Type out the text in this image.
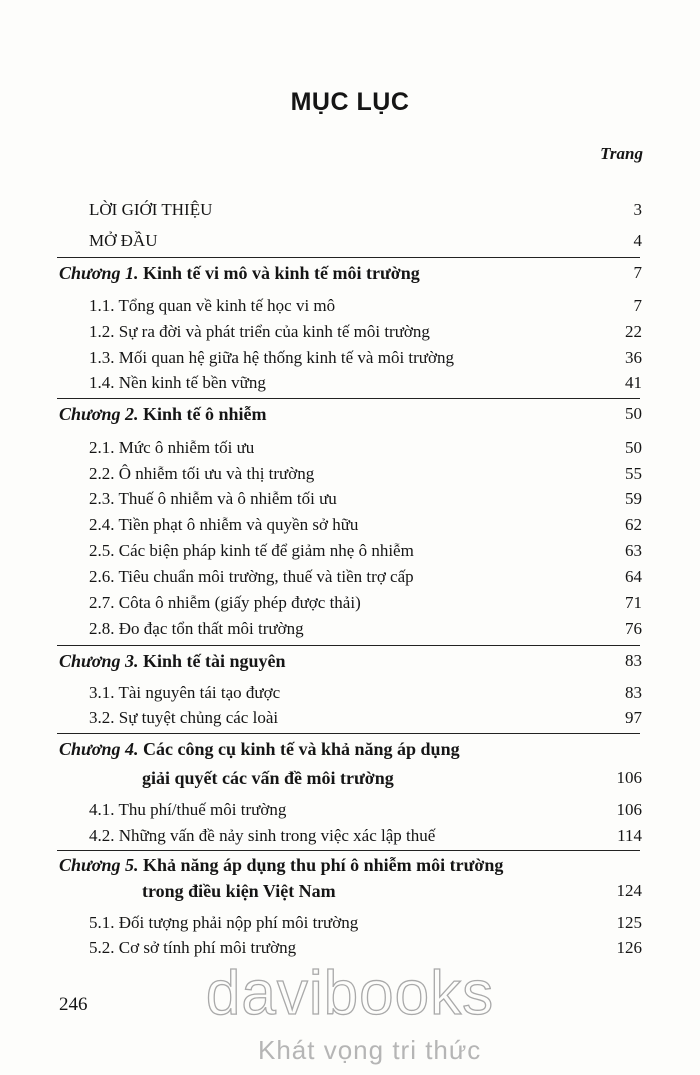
MỤC LỤC
Trang
LỜI GIỚI THIỆU	3
MỞ ĐẦU	4
Chương 1. Kinh tế vi mô và kinh tế môi trường	7
1.1. Tổng quan về kinh tế học vi mô	7
1.2. Sự ra đời và phát triển của kinh tế môi trường	22
1.3. Mối quan hệ giữa hệ thống kinh tế và môi trường	36
1.4. Nền kinh tế bền vững	41
Chương 2. Kinh tế ô nhiễm	50
2.1. Mức ô nhiễm tối ưu	50
2.2. Ô nhiễm tối ưu và thị trường	55
2.3. Thuế ô nhiễm và ô nhiễm tối ưu	59
2.4. Tiền phạt ô nhiễm và quyền sở hữu	62
2.5. Các biện pháp kinh tế để giảm nhẹ ô nhiễm	63
2.6. Tiêu chuẩn môi trường, thuế và tiền trợ cấp	64
2.7. Côta ô nhiễm (giấy phép được thải)	71
2.8. Đo đạc tổn thất môi trường	76
Chương 3. Kinh tế tài nguyên	83
3.1. Tài nguyên tái tạo được	83
3.2. Sự tuyệt chủng các loài	97
Chương 4. Các công cụ kinh tế và khả năng áp dụng
giải quyết các vấn đề môi trường	106
4.1. Thu phí/thuế môi trường	106
4.2. Những vấn đề nảy sinh trong việc xác lập thuế	114
Chương 5. Khả năng áp dụng thu phí ô nhiễm môi trường
trong điều kiện Việt Nam	124
5.1. Đối tượng phải nộp phí môi trường	125
5.2. Cơ sở tính phí môi trường	126
246	davibooks
Khát vọng tri thức
